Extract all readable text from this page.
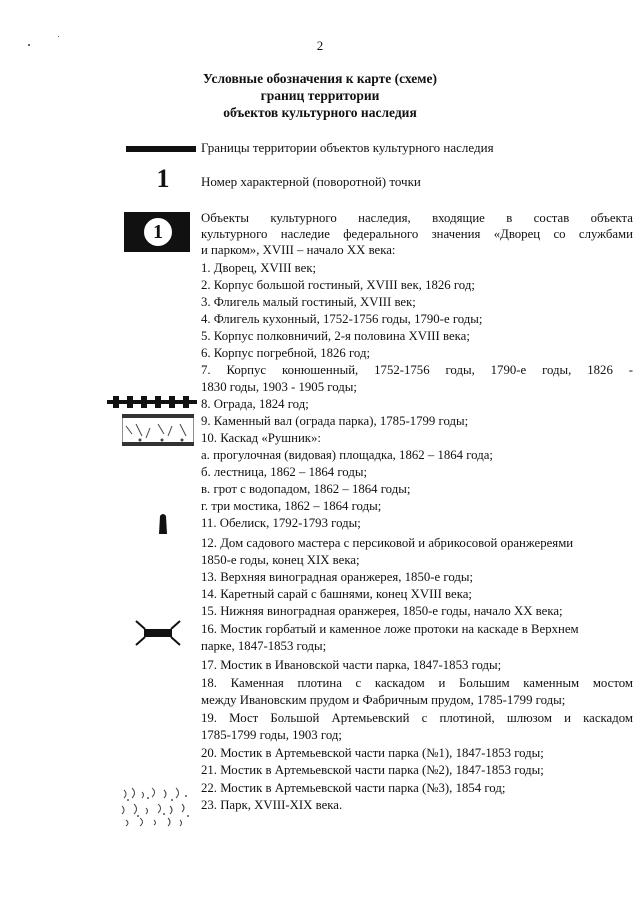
2
Условные обозначения к карте (схеме)
границ территории
объектов культурного наследия
Границы территории объектов культурного наследия
1	Номер характерной (поворотной) точки
1
Объекты культурного наследия, входящие в состав объекта
культурного наследие федерального значения «Дворец со службами
и парком», XVIII – начало XX века:
1. Дворец, XVIII век;
2. Корпус большой гостиный, XVIII век, 1826 год;
3. Флигель малый гостиный, XVIII век;
4. Флигель кухонный, 1752-1756 годы, 1790-е годы;
5. Корпус полковничий, 2-я половина XVIII века;
6. Корпус погребной, 1826 год;
7. Корпус конюшенный, 1752-1756 годы, 1790-е годы, 1826 -
1830 годы, 1903 - 1905 годы;
8. Ограда, 1824 год;
9. Каменный вал (ограда парка), 1785-1799 годы;
10. Каскад «Рушник»:
а. прогулочная (видовая) площадка, 1862 – 1864 года;
б. лестница, 1862 – 1864 годы;
в. грот с водопадом, 1862 – 1864 годы;
г. три мостика, 1862 – 1864 годы;
11. Обелиск, 1792-1793 годы;
12. Дом садового мастера с персиковой и абрикосовой оранжереями
1850-е годы, конец XIX века;
13. Верхняя виноградная оранжерея, 1850-е годы;
14. Каретный сарай с башнями, конец XVIII века;
15. Нижняя виноградная оранжерея, 1850-е годы, начало XX века;
16. Мостик горбатый и каменное ложе протоки на каскаде в Верхнем
парке, 1847-1853 годы;
17. Мостик в Ивановской части парка, 1847-1853 годы;
18. Каменная плотина с каскадом и Большим каменным мостом
между Ивановским прудом и Фабричным прудом, 1785-1799 годы;
19. Мост Большой Артемьевский с плотиной, шлюзом и каскадом
1785-1799 годы, 1903 год;
20. Мостик в Артемьевской части парка (№1), 1847-1853 годы;
21. Мостик в Артемьевской части парка (№2), 1847-1853 годы;
22. Мостик в Артемьевской части парка (№3), 1854 год;
23. Парк, XVIII-XIX века.
